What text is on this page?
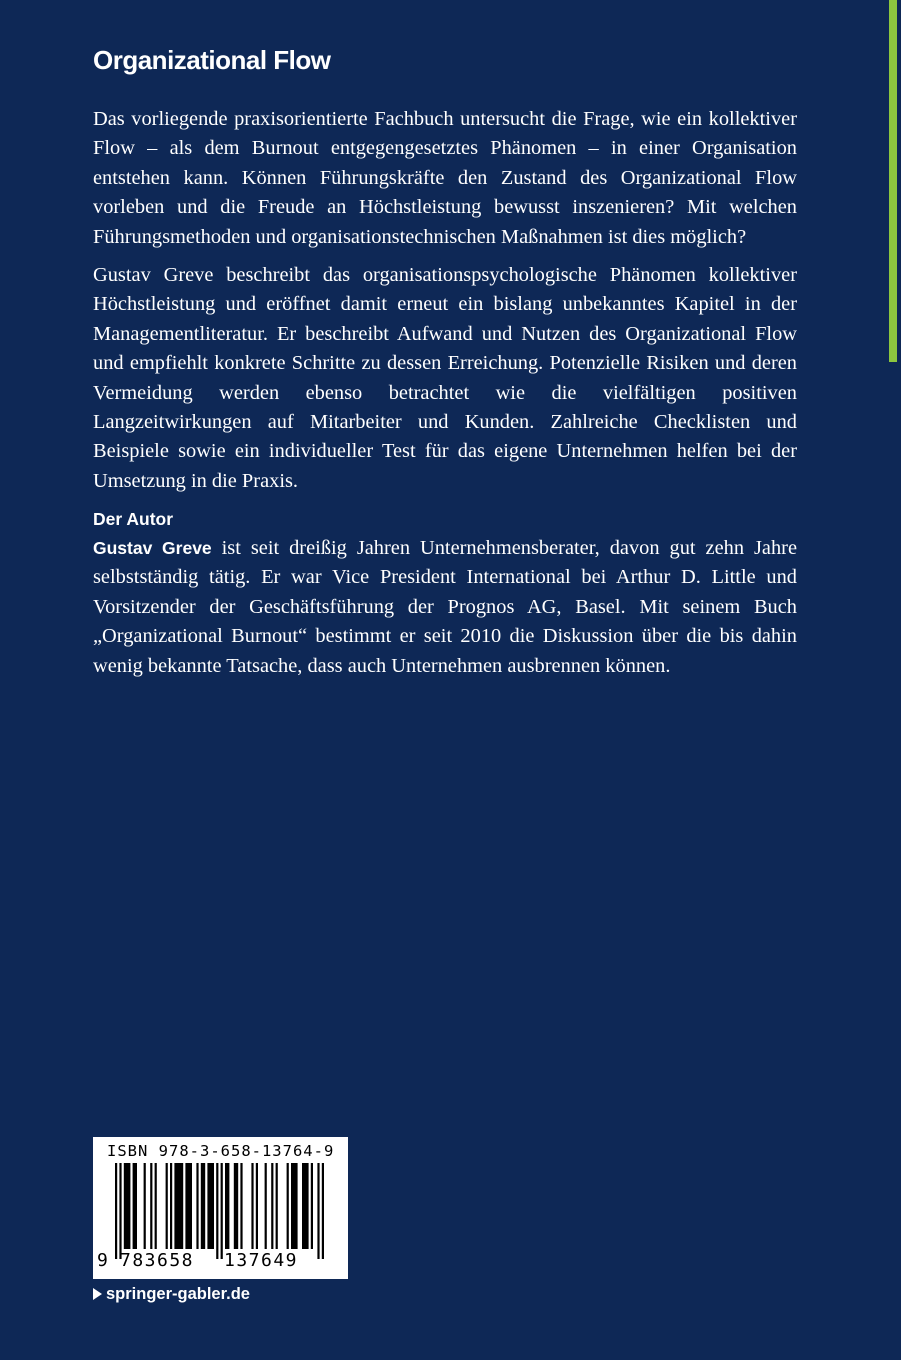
Organizational Flow

Das vorliegende praxisorientierte Fachbuch untersucht die Frage, wie ein kollektiver Flow – als dem Burnout entgegengesetztes Phänomen – in einer Organisation entstehen kann. Können Führungskräfte den Zustand des Organizational Flow vorleben und die Freude an Höchstleistung bewusst inszenieren? Mit welchen Führungsmethoden und organisationstechnischen Maßnahmen ist dies möglich?

Gustav Greve beschreibt das organisationspsychologische Phänomen kollektiver Höchstleistung und eröffnet damit erneut ein bislang unbekanntes Kapitel in der Managementliteratur. Er beschreibt Aufwand und Nutzen des Organizational Flow und empfiehlt konkrete Schritte zu dessen Erreichung. Potenzielle Risiken und deren Vermeidung werden ebenso betrachtet wie die vielfältigen positiven Langzeitwirkungen auf Mitarbeiter und Kunden. Zahlreiche Checklisten und Beispiele sowie ein individueller Test für das eigene Unternehmen helfen bei der Umsetzung in die Praxis.

Der Autor

Gustav Greve ist seit dreißig Jahren Unternehmensberater, davon gut zehn Jahre selbstständig tätig. Er war Vice President International bei Arthur D. Little und Vorsitzender der Geschäftsführung der Prognos AG, Basel. Mit seinem Buch „Organizational Burnout“ bestimmt er seit 2010 die Diskussion über die bis dahin wenig bekannte Tatsache, dass auch Unternehmen ausbrennen können.

ISBN 978-3-658-13764-9
9 783658 137649
springer-gabler.de
